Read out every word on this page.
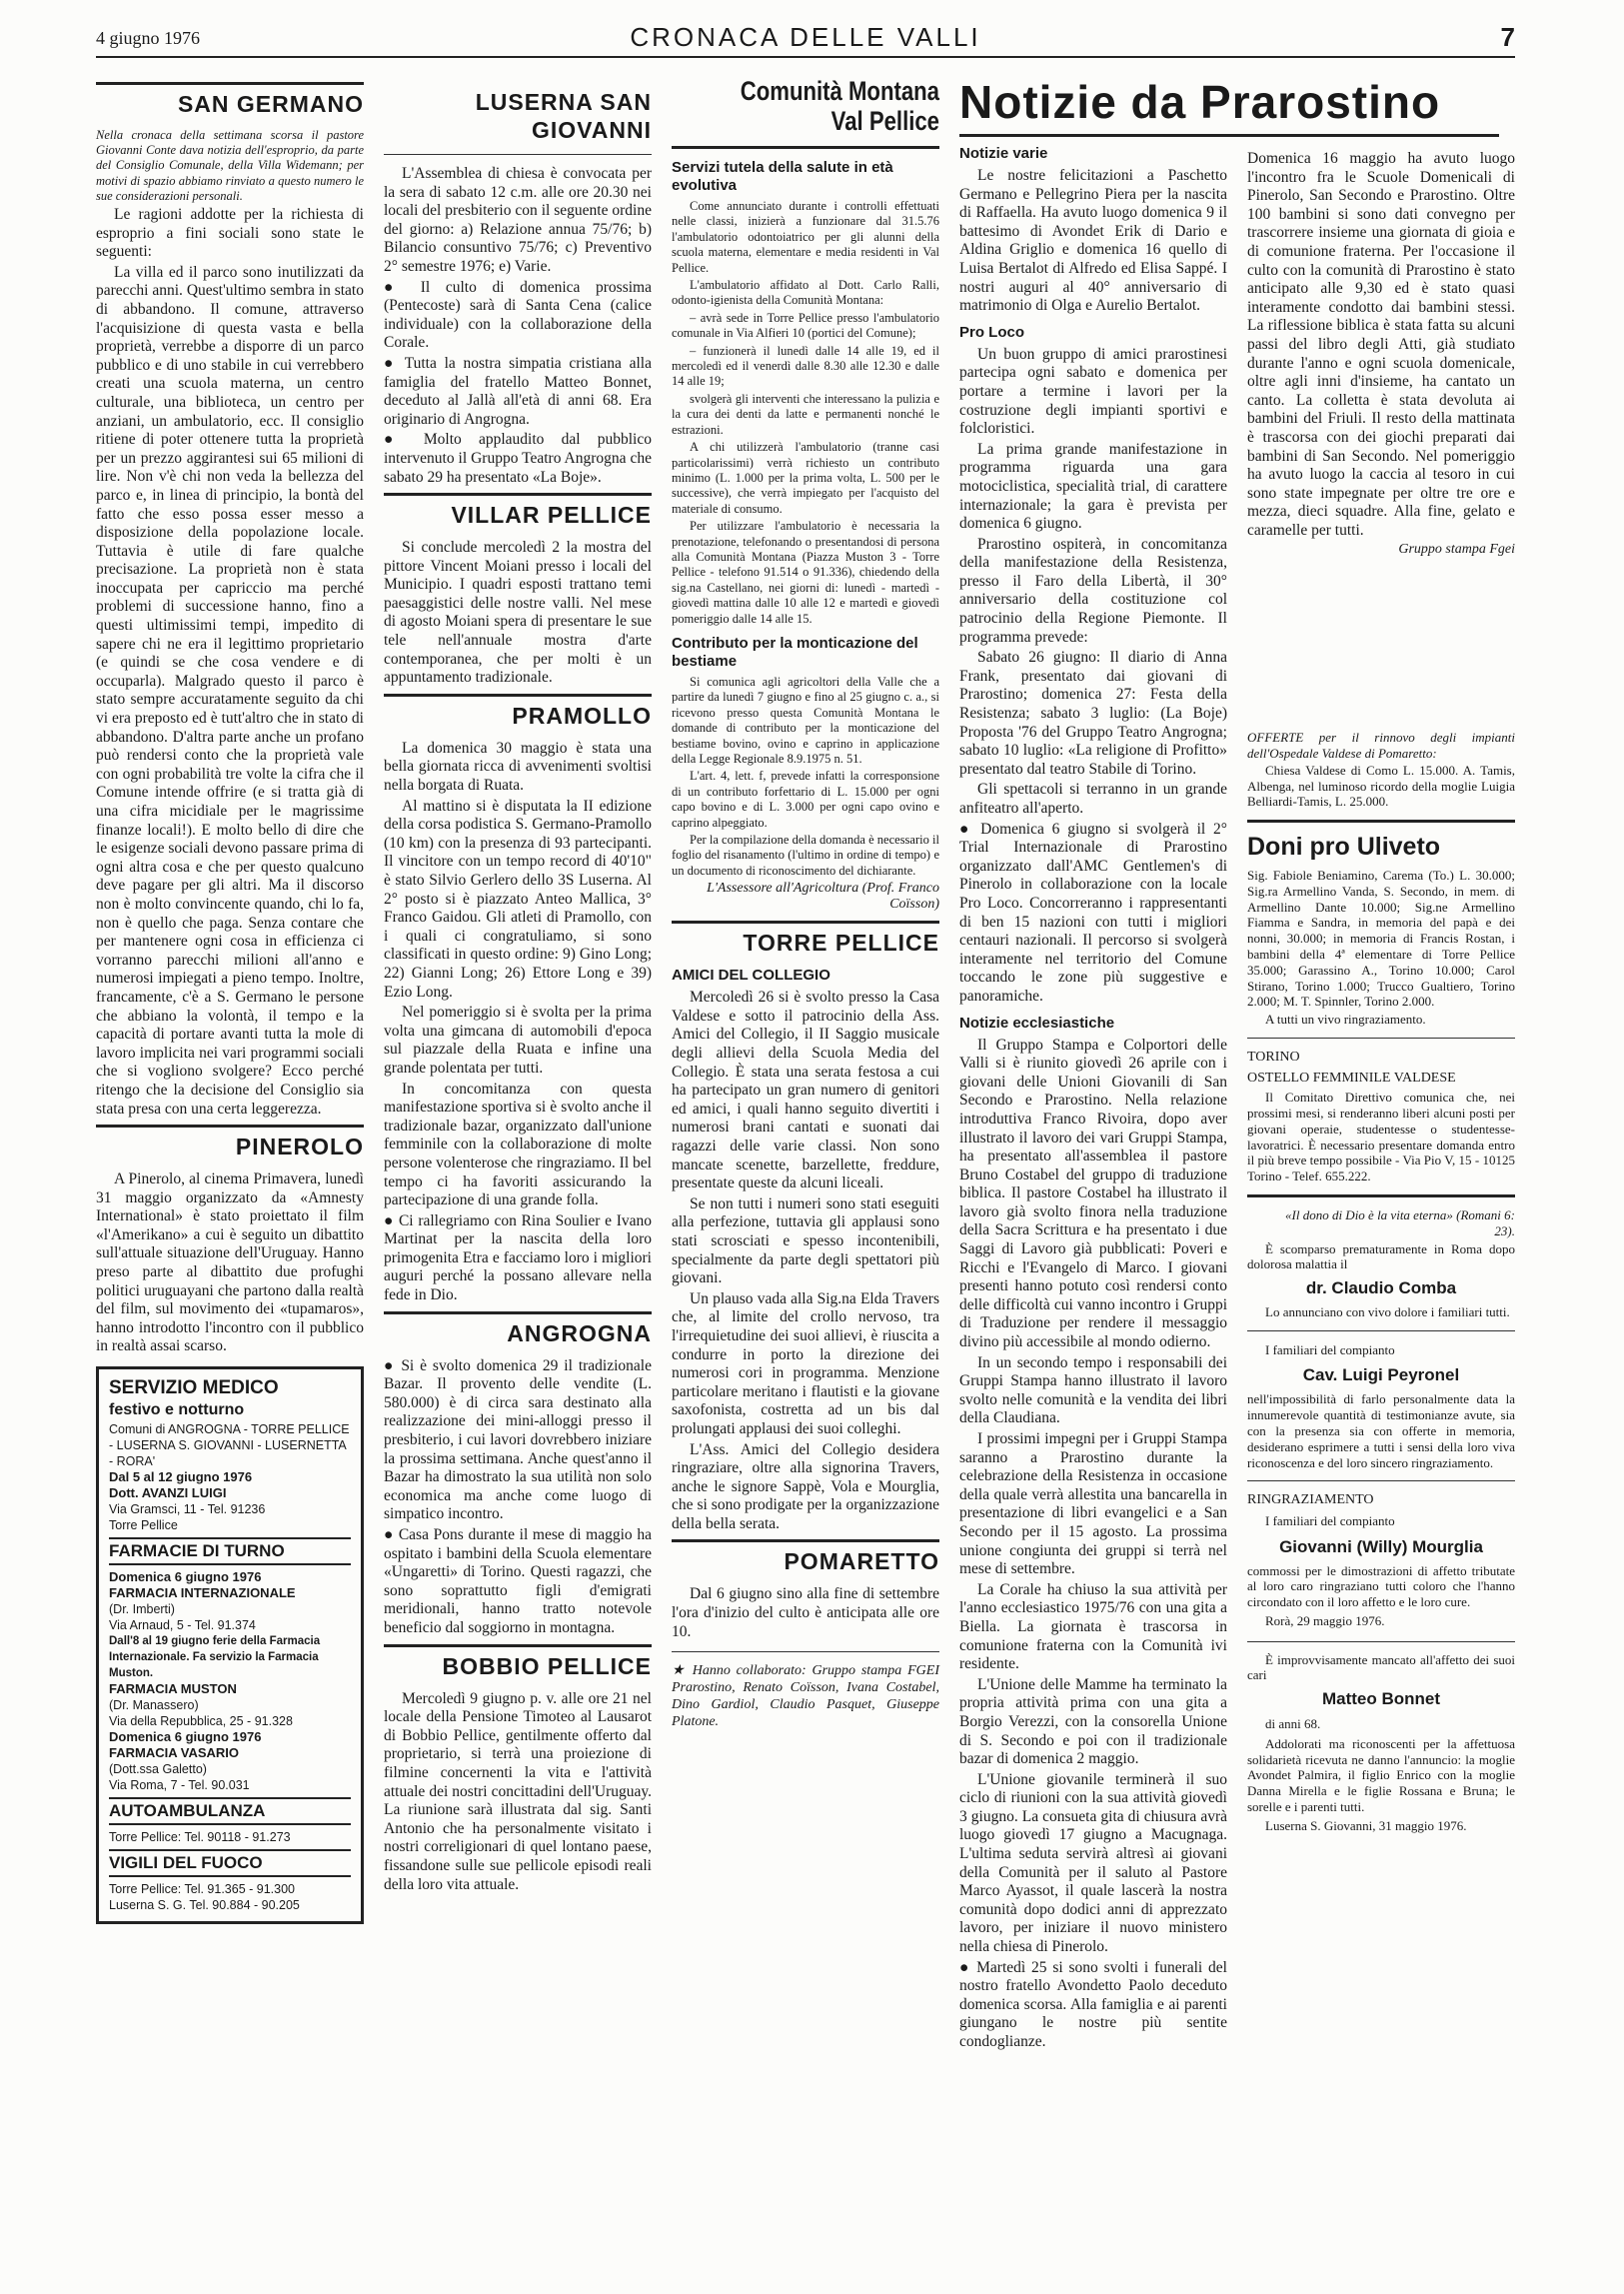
4 giugno 1976	CRONACA DELLE VALLI	7
SAN GERMANO

Nella cronaca della settimana scorsa il pastore Giovanni Conte dava notizia dell'esproprio, da parte del Consiglio Comunale, della Villa Widemann; per motivi di spazio abbiamo rinviato a questo numero le sue considerazioni personali.

Le ragioni addotte per la richiesta di esproprio a fini sociali sono state le seguenti:

La villa ed il parco sono inutilizzati da parecchi anni. Quest'ultimo sembra in stato di abbandono. Il comune, attraverso l'acquisizione di questa vasta e bella proprietà, verrebbe a disporre di un parco pubblico e di uno stabile in cui verrebbero creati una scuola materna, un centro culturale, una biblioteca, un centro per anziani, un ambulatorio, ecc. Il consiglio ritiene di poter ottenere tutta la proprietà per un prezzo aggirantesi sui 65 milioni di lire. Non v'è chi non veda la bellezza del parco e, in linea di principio, la bontà del fatto che esso possa esser messo a disposizione della popolazione locale. Tuttavia è utile di fare qualche precisazione. La proprietà non è stata inoccupata per capriccio ma perché problemi di successione hanno, fino a questi ultimissimi tempi, impedito di sapere chi ne era il legittimo proprietario (e quindi se che cosa vendere e di occuparla). Malgrado questo il parco è stato sempre accuratamente seguito da chi vi era preposto ed è tutt'altro che in stato di abbandono. D'altra parte anche un profano può rendersi conto che la proprietà vale con ogni probabilità tre volte la cifra che il Comune intende offrire (e si tratta già di una cifra micidiale per le magrissime finanze locali!). E molto bello di dire che le esigenze sociali devono passare prima di ogni altra cosa e che per questo qualcuno deve pagare per gli altri. Ma il discorso non è molto convincente quando, chi lo fa, non è quello che paga. Senza contare che per mantenere ogni cosa in efficienza ci vorranno parecchi milioni all'anno e numerosi impiegati a pieno tempo. Inoltre, francamente, c'è a S. Germano le persone che abbiano la volontà, il tempo e la capacità di portare avanti tutta la mole di lavoro implicita nei vari programmi sociali che si vogliono svolgere? Ecco perché ritengo che la decisione del Consiglio sia stata presa con una certa leggerezza.

PINEROLO

A Pinerolo, al cinema Primavera, lunedì 31 maggio organizzato da «Amnesty International» è stato proiettato il film «l'Amerikano» a cui è seguito un dibattito sull'attuale situazione dell'Uruguay. Hanno preso parte al dibattito due profughi politici uruguayani che partono dalla realtà del film, sul movimento dei «tupamaros», hanno introdotto l'incontro con il pubblico in realtà assai scarso.

SERVIZIO MEDICO
festivo e notturno
Comuni di ANGROGNA - TORRE PELLICE - LUSERNA S. GIOVANNI - LUSERNETTA - RORA'
Dal 5 al 12 giugno 1976
Dott. AVANZI LUIGI
Via Gramsci, 11 - Tel. 91236
Torre Pellice
FARMACIE DI TURNO
Domenica 6 giugno 1976
FARMACIA INTERNAZIONALE
(Dr. Imberti)
Via Arnaud, 5 - Tel. 91.374
Dall'8 al 19 giugno ferie della Farmacia Internazionale. Fa servizio la Farmacia Muston.
FARMACIA MUSTON
(Dr. Manassero)
Via della Repubblica, 25 - 91.328
Domenica 6 giugno 1976
FARMACIA VASARIO
(Dott.ssa Galetto)
Via Roma, 7 - Tel. 90.031
AUTOAMBULANZA
Torre Pellice: Tel. 90118 - 91.273
VIGILI DEL FUOCO
Torre Pellice: Tel. 91.365 - 91.300
Luserna S. G. Tel. 90.884 - 90.205
LUSERNA SAN GIOVANNI

L'Assemblea di chiesa è convocata per la sera di sabato 12 c.m. alle ore 20.30 nei locali del presbiterio con il seguente ordine del giorno: a) Relazione annua 75/76; b) Bilancio consuntivo 75/76; c) Preventivo 2° semestre 1976; e) Varie.

● Il culto di domenica prossima (Pentecoste) sarà di Santa Cena (calice individuale) con la collaborazione della Corale.

● Tutta la nostra simpatia cristiana alla famiglia del fratello Matteo Bonnet, deceduto al Jallà all'età di anni 68. Era originario di Angrogna.

● Molto applaudito dal pubblico intervenuto il Gruppo Teatro Angrogna che sabato 29 ha presentato «La Boje».

VILLAR PELLICE

Si conclude mercoledì 2 la mostra del pittore Vincent Moiani presso i locali del Municipio. I quadri esposti trattano temi paesaggistici delle nostre valli. Nel mese di agosto Moiani spera di presentare le sue tele nell'annuale mostra d'arte contemporanea, che per molti è un appuntamento tradizionale.

PRAMOLLO

La domenica 30 maggio è stata una bella giornata ricca di avvenimenti svoltisi nella borgata di Ruata.

Al mattino si è disputata la II edizione della corsa podistica S. Germano-Pramollo (10 km) con la presenza di 93 partecipanti. Il vincitore con un tempo record di 40'10" è stato Silvio Gerlero dello 3S Luserna. Al 2° posto si è piazzato Anteo Mallica, 3° Franco Gaidou. Gli atleti di Pramollo, con i quali ci congratuliamo, si sono classificati in questo ordine: 9) Gino Long; 22) Gianni Long; 26) Ettore Long e 39) Ezio Long.

Nel pomeriggio si è svolta per la prima volta una gimcana di automobili d'epoca sul piazzale della Ruata e infine una grande polentata per tutti.

In concomitanza con questa manifestazione sportiva si è svolto anche il tradizionale bazar, organizzato dall'unione femminile con la collaborazione di molte persone volenterose che ringraziamo. Il bel tempo ci ha favoriti assicurando la partecipazione di una grande folla.

● Ci rallegriamo con Rina Soulier e Ivano Martinat per la nascita della loro primogenita Etra e facciamo loro i migliori auguri perché la possano allevare nella fede in Dio.

ANGROGNA

● Si è svolto domenica 29 il tradizionale Bazar. Il provento delle vendite (L. 580.000) è di circa sara destinato alla realizzazione dei mini-alloggi presso il presbiterio, i cui lavori dovrebbero iniziare la prossima settimana. Anche quest'anno il Bazar ha dimostrato la sua utilità non solo economica ma anche come luogo di simpatico incontro.

● Casa Pons durante il mese di maggio ha ospitato i bambini della Scuola elementare «Ungaretti» di Torino. Questi ragazzi, che sono soprattutto figli d'emigrati meridionali, hanno tratto notevole beneficio dal soggiorno in montagna.

BOBBIO PELLICE

Mercoledì 9 giugno p. v. alle ore 21 nel locale della Pensione Timoteo al Lausarot di Bobbio Pellice, gentilmente offerto dal proprietario, si terrà una proiezione di filmine concernenti la vita e l'attività attuale dei nostri concittadini dell'Uruguay. La riunione sarà illustrata dal sig. Santi Antonio che ha personalmente visitato i nostri correligionari di quel lontano paese, fissandone sulle sue pellicole episodi reali della loro vita attuale.

Comunità Montana Val Pellice
Servizi tutela della salute in età evolutiva

Come annunciato durante i controlli effettuati nelle classi, inizierà a funzionare dal 31.5.76 l'ambulatorio odontoiatrico per gli alunni della scuola materna, elementare e media residenti in Val Pellice.

L'ambulatorio affidato al Dott. Carlo Ralli, odonto-igienista della Comunità Montana:

– avrà sede in Torre Pellice presso l'ambulatorio comunale in Via Alfieri 10 (portici del Comune);

– funzionerà il lunedì dalle 14 alle 19, ed il mercoledì ed il venerdì dalle 8.30 alle 12.30 e dalle 14 alle 19;

svolgerà gli interventi che interessano la pulizia e la cura dei denti da latte e permanenti nonché le estrazioni.

A chi utilizzerà l'ambulatorio (tranne casi particolarissimi) verrà richiesto un contributo minimo (L. 1.000 per la prima volta, L. 500 per le successive), che verrà impiegato per l'acquisto del materiale di consumo.

Per utilizzare l'ambulatorio è necessaria la prenotazione, telefonando o presentandosi di persona alla Comunità Montana (Piazza Muston 3 - Torre Pellice - telefono 91.514 o 91.336), chiedendo della sig.na Castellano, nei giorni di: lunedì - martedì - giovedì mattina dalle 10 alle 12 e martedì e giovedì pomeriggio dalle 14 alle 15.

Contributo per la monticazione del bestiame

Si comunica agli agricoltori della Valle che a partire da lunedì 7 giugno e fino al 25 giugno c. a., si ricevono presso questa Comunità Montana le domande di contributo per la monticazione del bestiame bovino, ovino e caprino in applicazione della Legge Regionale 8.9.1975 n. 51.

L'art. 4, lett. f, prevede infatti la corresponsione di un contributo forfettario di L. 15.000 per ogni capo bovino e di L. 3.000 per ogni capo ovino e caprino alpeggiato.

Per la compilazione della domanda è necessario il foglio del risanamento (l'ultimo in ordine di tempo) e un documento di riconoscimento del dichiarante.

L'Assessore all'Agricoltura (Prof. Franco Coïsson)
TORRE PELLICE
AMICI DEL COLLEGIO

Mercoledì 26 si è svolto presso la Casa Valdese e sotto il patrocinio della Ass. Amici del Collegio, il II Saggio musicale degli allievi della Scuola Media del Collegio. È stata una serata festosa a cui ha partecipato un gran numero di genitori ed amici, i quali hanno seguito divertiti i numerosi brani cantati e suonati dai ragazzi delle varie classi. Non sono mancate scenette, barzellette, freddure, presentate queste da alcuni liceali.

Se non tutti i numeri sono stati eseguiti alla perfezione, tuttavia gli applausi sono stati scrosciati e spesso incontenibili, specialmente da parte degli spettatori più giovani.

Un plauso vada alla Sig.na Elda Travers che, al limite del crollo nervoso, tra l'irrequietudine dei suoi allievi, è riuscita a condurre in porto la direzione dei numerosi cori in programma. Menzione particolare meritano i flautisti e la giovane saxofonista, costretta ad un bis dal prolungati applausi dei suoi colleghi.

L'Ass. Amici del Collegio desidera ringraziare, oltre alla signorina Travers, anche le signore Sappè, Vola e Mourglia, che si sono prodigate per la organizzazione della bella serata.

POMARETTO

Dal 6 giugno sino alla fine di settembre l'ora d'inizio del culto è anticipata alle ore 10.

★ Hanno collaborato: Gruppo stampa FGEI Prarostino, Renato Coïsson, Ivana Costabel, Dino Gardiol, Claudio Pasquet, Giuseppe Platone.

Notizie da Prarostino
Notizie varie

Le nostre felicitazioni a Paschetto Germano e Pellegrino Piera per la nascita di Raffaella. Ha avuto luogo domenica 9 il battesimo di Avondet Erik di Dario e Aldina Griglio e domenica 16 quello di Luisa Bertalot di Alfredo ed Elisa Sappé. I nostri auguri al 40° anniversario di matrimonio di Olga e Aurelio Bertalot.

Pro Loco

Un buon gruppo di amici prarostinesi partecipa ogni sabato e domenica per portare a termine i lavori per la costruzione degli impianti sportivi e folcloristici.

La prima grande manifestazione in programma riguarda una gara motociclistica, specialità trial, di carattere internazionale; la gara è prevista per domenica 6 giugno.

Prarostino ospiterà, in concomitanza della manifestazione della Resistenza, presso il Faro della Libertà, il 30° anniversario della costituzione col patrocinio della Regione Piemonte. Il programma prevede:

Sabato 26 giugno: Il diario di Anna Frank, presentato dai giovani di Prarostino; domenica 27: Festa della Resistenza; sabato 3 luglio: (La Boje) Proposta '76 del Gruppo Teatro Angrogna; sabato 10 luglio: «La religione di Profitto» presentato dal teatro Stabile di Torino.

Gli spettacoli si terranno in un grande anfiteatro all'aperto.

● Domenica 6 giugno si svolgerà il 2° Trial Internazionale di Prarostino organizzato dall'AMC Gentlemen's di Pinerolo in collaborazione con la locale Pro Loco. Concorreranno i rappresentanti di ben 15 nazioni con tutti i migliori centauri nazionali. Il percorso si svolgerà interamente nel territorio del Comune toccando le zone più suggestive e panoramiche.

Notizie ecclesiastiche

Il Gruppo Stampa e Colportori delle Valli si è riunito giovedì 26 aprile con i giovani delle Unioni Giovanili di San Secondo e Prarostino. Nella relazione introduttiva Franco Rivoira, dopo aver illustrato il lavoro dei vari Gruppi Stampa, ha presentato all'assemblea il pastore Bruno Costabel del gruppo di traduzione biblica. Il pastore Costabel ha illustrato il lavoro già svolto finora nella traduzione della Sacra Scrittura e ha presentato i due Saggi di Lavoro già pubblicati: Poveri e Ricchi e l'Evangelo di Marco. I giovani presenti hanno potuto così rendersi conto delle difficoltà cui vanno incontro i Gruppi di Traduzione per rendere il messaggio divino più accessibile al mondo odierno.

In un secondo tempo i responsabili dei Gruppi Stampa hanno illustrato il lavoro svolto nelle comunità e la vendita dei libri della Claudiana.

I prossimi impegni per i Gruppi Stampa saranno a Prarostino durante la celebrazione della Resistenza in occasione della quale verrà allestita una bancarella in presentazione di libri evangelici e a San Secondo per il 15 agosto. La prossima unione congiunta dei gruppi si terrà nel mese di settembre.

La Corale ha chiuso la sua attività per l'anno ecclesiastico 1975/76 con una gita a Biella. La giornata è trascorsa in comunione fraterna con la Comunità ivi residente.

L'Unione delle Mamme ha terminato la propria attività prima con una gita a Borgio Verezzi, con la consorella Unione di S. Secondo e poi con il tradizionale bazar di domenica 2 maggio.

L'Unione giovanile terminerà il suo ciclo di riunioni con la sua attività giovedì 3 giugno. La consueta gita di chiusura avrà luogo giovedì 17 giugno a Macugnaga. L'ultima seduta servirà altresì ai giovani della Comunità per il saluto al Pastore Marco Ayassot, il quale lascerà la nostra comunità dopo dodici anni di apprezzato lavoro, per iniziare il nuovo ministero nella chiesa di Pinerolo.

● Martedì 25 si sono svolti i funerali del nostro fratello Avondetto Paolo deceduto domenica scorsa. Alla famiglia e ai parenti giungano le nostre più sentite condoglianze.

OFFERTE per il rinnovo degli impianti dell'Ospedale Valdese di Pomaretto:

Chiesa Valdese di Como L. 15.000. A. Tamis, Albenga, nel luminoso ricordo della moglie Luigia Belliardi-Tamis, L. 25.000.

Doni pro Uliveto

Sig. Fabiole Beniamino, Carema (To.) L. 30.000; Sig.ra Armellino Vanda, S. Secondo, in mem. di Armellino Dante 10.000; Sig.ne Armellino Fiamma e Sandra, in memoria del papà e dei nonni, 30.000; in memoria di Francis Rostan, i bambini della 4ª elementare di Torre Pellice 35.000; Garassino A., Torino 10.000; Carol Stirano, Torino 1.000; Trucco Gualtiero, Torino 2.000; M. T. Spinnler, Torino 2.000.

A tutti un vivo ringraziamento.

TORINO

OSTELLO FEMMINILE VALDESE

Il Comitato Direttivo comunica che, nei prossimi mesi, si renderanno liberi alcuni posti per giovani operaie, studentesse o studentesse-lavoratrici. È necessario presentare domanda entro il più breve tempo possibile - Via Pio V, 15 - 10125 Torino - Telef. 655.222.

«Il dono di Dio è la vita eterna» (Romani 6: 23).

È scomparso prematuramente in Roma dopo dolorosa malattia il

dr. Claudio Comba

Lo annunciano con vivo dolore i familiari tutti.

I familiari del compianto

Cav. Luigi Peyronel

nell'impossibilità di farlo personalmente data la innumerevole quantità di testimonianze avute, sia con la presenza sia con offerte in memoria, desiderano esprimere a tutti i sensi della loro viva riconoscenza e del loro sincero ringraziamento.

RINGRAZIAMENTO

I familiari del compianto

Giovanni (Willy) Mourglia

commossi per le dimostrazioni di affetto tributate al loro caro ringraziano tutti coloro che l'hanno circondato con il loro affetto e le loro cure.

Rorà, 29 maggio 1976.

È improvvisamente mancato all'affetto dei suoi cari

Matteo Bonnet

di anni 68.

Addolorati ma riconoscenti per la affettuosa solidarietà ricevuta ne danno l'annuncio: la moglie Avondet Palmira, il figlio Enrico con la moglie Danna Mirella e le figlie Rossana e Bruna; le sorelle e i parenti tutti.

Luserna S. Giovanni, 31 maggio 1976.

Domenica 16 maggio ha avuto luogo l'incontro fra le Scuole Domenicali di Pinerolo, San Secondo e Prarostino. Oltre 100 bambini si sono dati convegno per trascorrere insieme una giornata di gioia e di comunione fraterna. Per l'occasione il culto con la comunità di Prarostino è stato anticipato alle 9,30 ed è stato quasi interamente condotto dai bambini stessi. La riflessione biblica è stata fatta su alcuni passi del libro degli Atti, già studiato durante l'anno e ogni scuola domenicale, oltre agli inni d'insieme, ha cantato un canto. La colletta è stata devoluta ai bambini del Friuli. Il resto della mattinata è trascorsa con dei giochi preparati dai bambini di San Secondo. Nel pomeriggio ha avuto luogo la caccia al tesoro in cui sono state impegnate per oltre tre ore e mezza, dieci squadre. Alla fine, gelato e caramelle per tutti.

Gruppo stampa Fgei
